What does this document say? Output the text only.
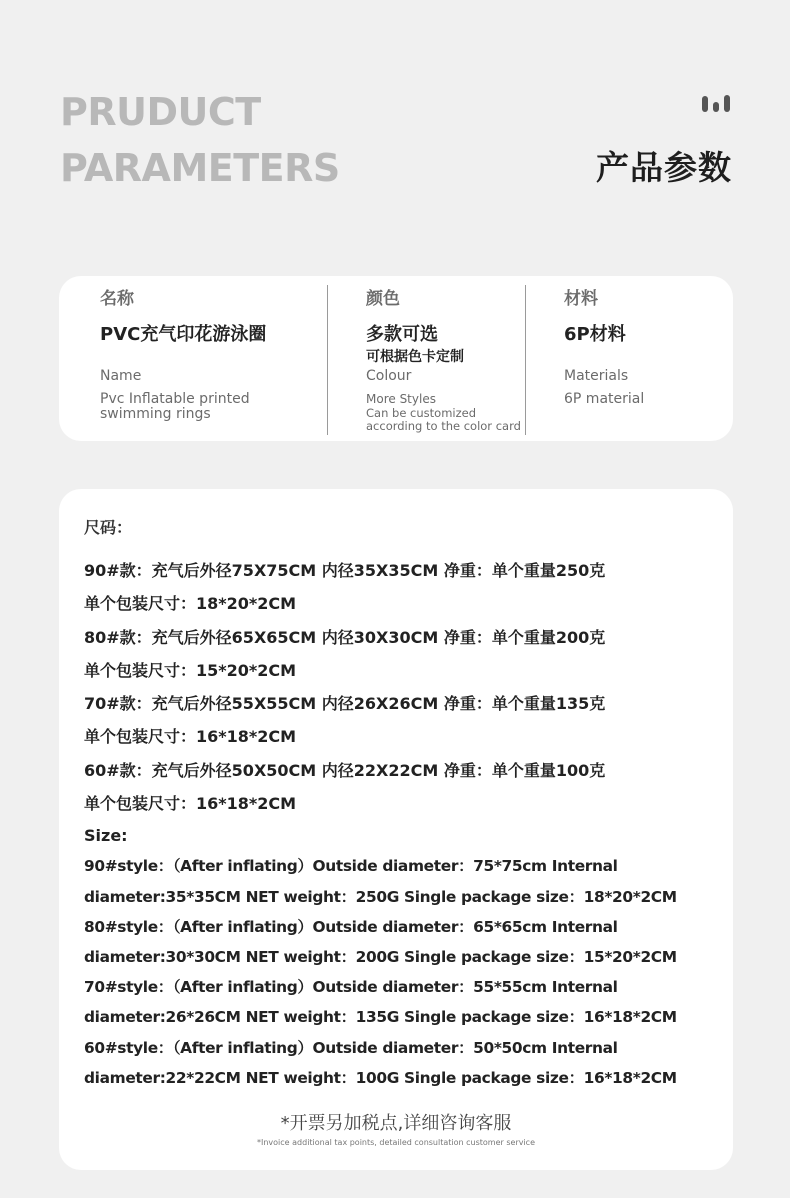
PRUDUCT
PARAMETERS	产品参数
名称
PVC充气印花游泳圈
Name
Pvc Inflatable printed swimming rings
颜色
多款可选
可根据色卡定制
Colour
More Styles
Can be customized
according to the color card
材料
6P材料
Materials
6P material
尺码：
90#款：充气后外径75X75CM 内径35X35CM 净重：单个重量250克
单个包装尺寸：18*20*2CM
80#款：充气后外径65X65CM 内径30X30CM 净重：单个重量200克
单个包装尺寸：15*20*2CM
70#款：充气后外径55X55CM 内径26X26CM 净重：单个重量135克
单个包装尺寸：16*18*2CM
60#款：充气后外径50X50CM 内径22X22CM 净重：单个重量100克
单个包装尺寸：16*18*2CM
Size:
90#style：（After inflating）Outside diameter：75*75cm Internal
diameter:35*35CM NET weight：250G Single package size：18*20*2CM
80#style：（After inflating）Outside diameter：65*65cm Internal
diameter:30*30CM NET weight：200G Single package size：15*20*2CM
70#style：（After inflating）Outside diameter：55*55cm Internal
diameter:26*26CM NET weight：135G Single package size：16*18*2CM
60#style：（After inflating）Outside diameter：50*50cm Internal
diameter:22*22CM NET weight：100G Single package size：16*18*2CM
*开票另加税点,详细咨询客服
*Invoice additional tax points, detailed consultation customer service
